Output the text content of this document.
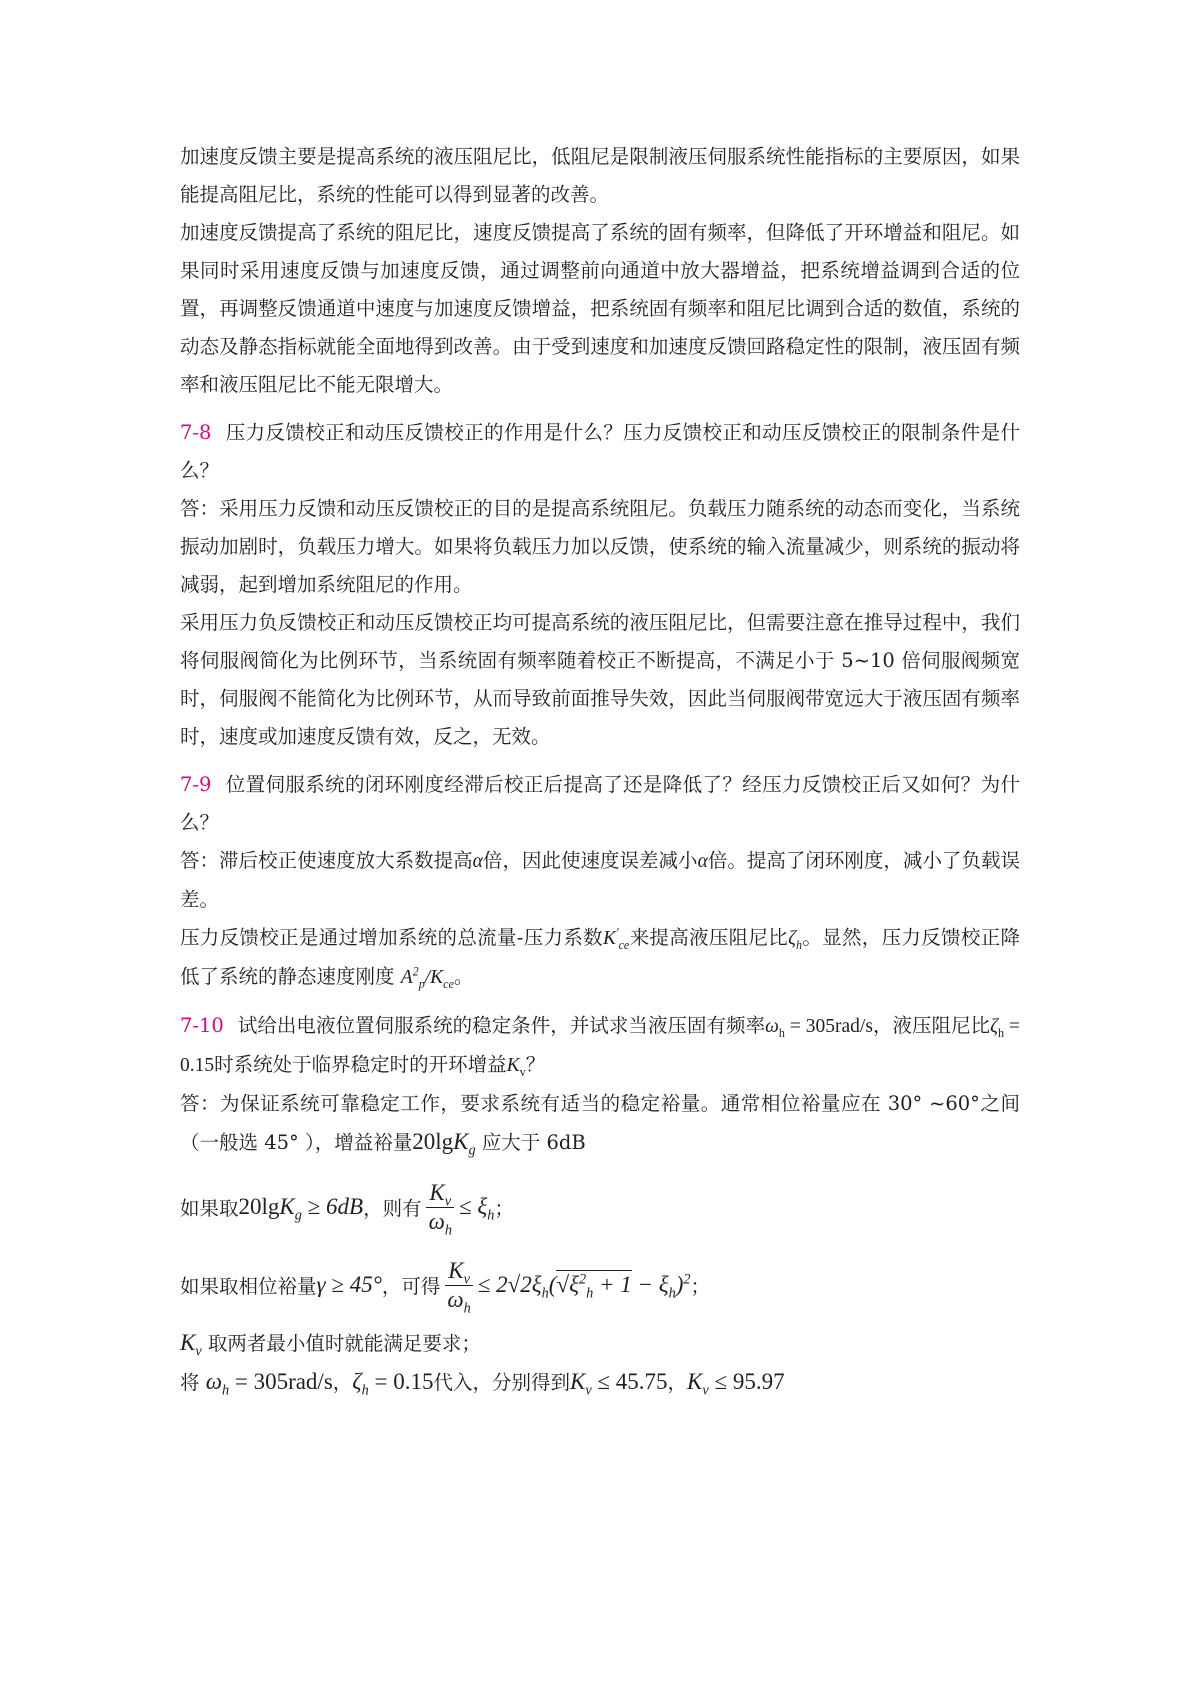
加速度反馈主要是提高系统的液压阻尼比，低阻尼是限制液压伺服系统性能指标的主要原因，如果能提高阻尼比，系统的性能可以得到显著的改善。

加速度反馈提高了系统的阻尼比，速度反馈提高了系统的固有频率，但降低了开环增益和阻尼。如果同时采用速度反馈与加速度反馈，通过调整前向通道中放大器增益，把系统增益调到合适的位置，再调整反馈通道中速度与加速度反馈增益，把系统固有频率和阻尼比调到合适的数值，系统的动态及静态指标就能全面地得到改善。由于受到速度和加速度反馈回路稳定性的限制，液压固有频率和液压阻尼比不能无限增大。

7-8 压力反馈校正和动压反馈校正的作用是什么？压力反馈校正和动压反馈校正的限制条件是什么？

答：采用压力反馈和动压反馈校正的目的是提高系统阻尼。负载压力随系统的动态而变化，当系统振动加剧时，负载压力增大。如果将负载压力加以反馈，使系统的输入流量减少，则系统的振动将减弱，起到增加系统阻尼的作用。

采用压力负反馈校正和动压反馈校正均可提高系统的液压阻尼比，但需要注意在推导过程中，我们将伺服阀简化为比例环节，当系统固有频率随着校正不断提高，不满足小于 5~10 倍伺服阀频宽时，伺服阀不能简化为比例环节，从而导致前面推导失效，因此当伺服阀带宽远大于液压固有频率时，速度或加速度反馈有效，反之，无效。

7-9 位置伺服系统的闭环刚度经滞后校正后提高了还是降低了？经压力反馈校正后又如何？为什么？

答：滞后校正使速度放大系数提高α倍，因此使速度误差减小α倍。提高了闭环刚度，减小了负载误差。

压力反馈校正是通过增加系统的总流量-压力系数$K'_{ce}$来提高液压阻尼比$\zeta_h$。显然，压力反馈校正降低了系统的静态速度刚度 $A^2_p/K_{ce}$。

7-10 试给出电液位置伺服系统的稳定条件，并试求当液压固有频率$\omega_h = 305rad/s$，液压阻尼比$\zeta_h = 0.15$时系统处于临界稳定时的开环增益$K_v$？

答：为保证系统可靠稳定工作，要求系统有适当的稳定裕量。通常相位裕量应在 30° ~60°之间（一般选 45° ），增益裕量20lgK$_g$ 应大于 6dB

如果取 20lgK$_g$ ≥ 6dB ，则有 $\frac{K_v}{\omega_h} \le \xi_h$ ；
如果取相位裕量 γ ≥ 45° ，可得 $\frac{K_v}{\omega_h} \le 2√2\xi_h(√\xi^2_h + 1 - \xi_h)^2$ ；

$K_v$ 取两者最小值时就能满足要求；

将 $\omega_h = 305rad/s$，$\zeta_h = 0.15$代入，分别得到$K_v \le 45.75$，$K_v \le 95.97$
